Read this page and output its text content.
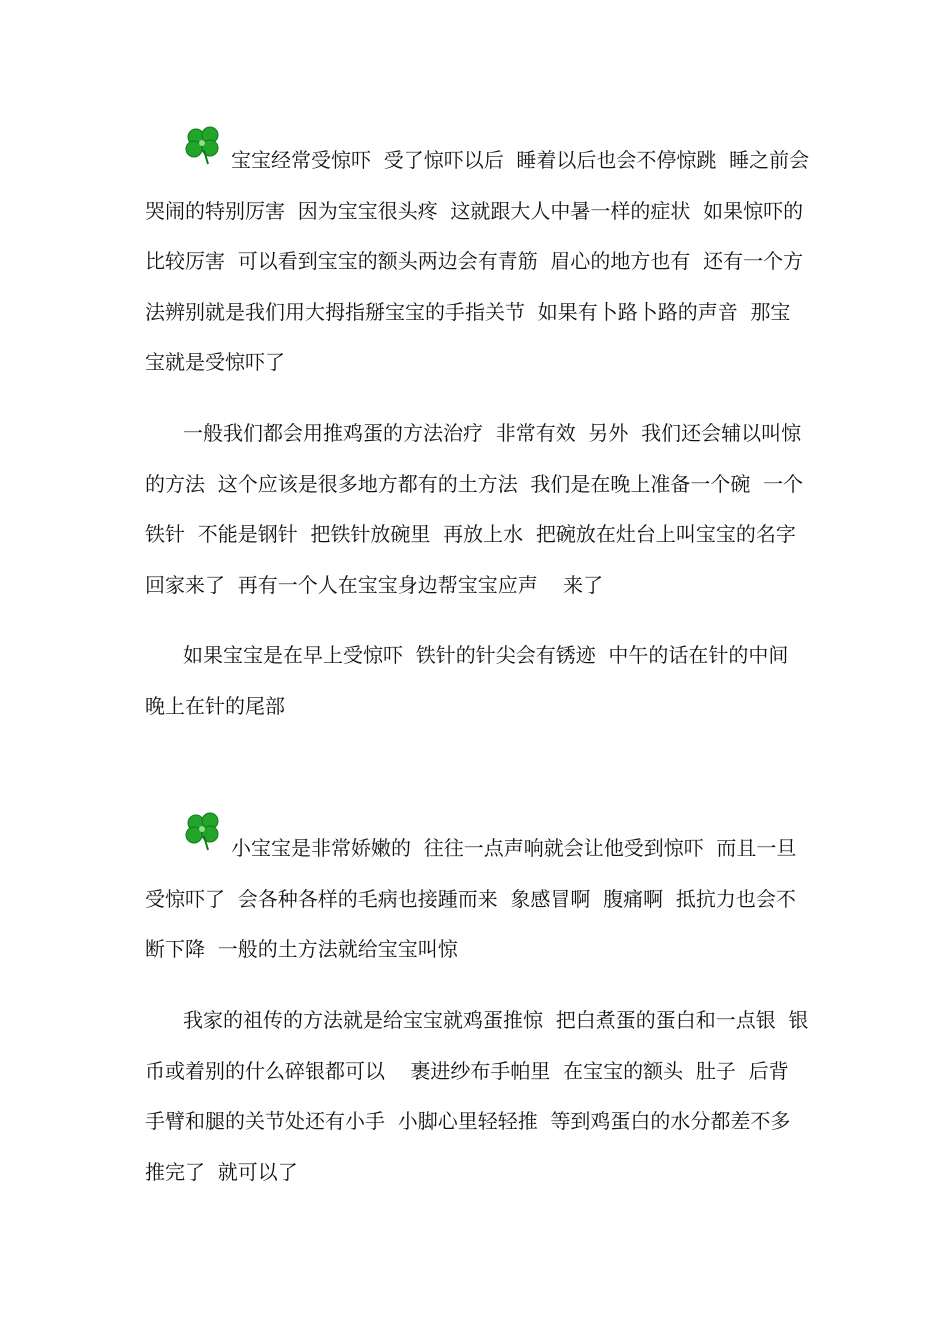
宝宝经常受惊吓  受了惊吓以后  睡着以后也会不停惊跳  睡之前会哭闹的特别厉害  因为宝宝很头疼  这就跟大人中暑一样的症状  如果惊吓的比较厉害  可以看到宝宝的额头两边会有青筋  眉心的地方也有  还有一个方法辨别就是我们用大拇指掰宝宝的手指关节  如果有卜路卜路的声音  那宝宝就是受惊吓了

一般我们都会用推鸡蛋的方法治疗  非常有效  另外  我们还会辅以叫惊的方法  这个应该是很多地方都有的土方法  我们是在晚上准备一个碗  一个铁针  不能是钢针  把铁针放碗里  再放上水  把碗放在灶台上叫宝宝的名字  回家来了  再有一个人在宝宝身边帮宝宝应声    来了

如果宝宝是在早上受惊吓  铁针的针尖会有锈迹  中午的话在针的中间  晚上在针的尾部

小宝宝是非常娇嫩的  往往一点声响就会让他受到惊吓  而且一旦受惊吓了  会各种各样的毛病也接踵而来  象感冒啊  腹痛啊  抵抗力也会不断下降  一般的土方法就给宝宝叫惊

我家的祖传的方法就是给宝宝就鸡蛋推惊  把白煮蛋的蛋白和一点银  银币或着别的什么碎银都可以    裹进纱布手帕里  在宝宝的额头  肚子  后背  手臂和腿的关节处还有小手  小脚心里轻轻推  等到鸡蛋白的水分都差不多推完了  就可以了
